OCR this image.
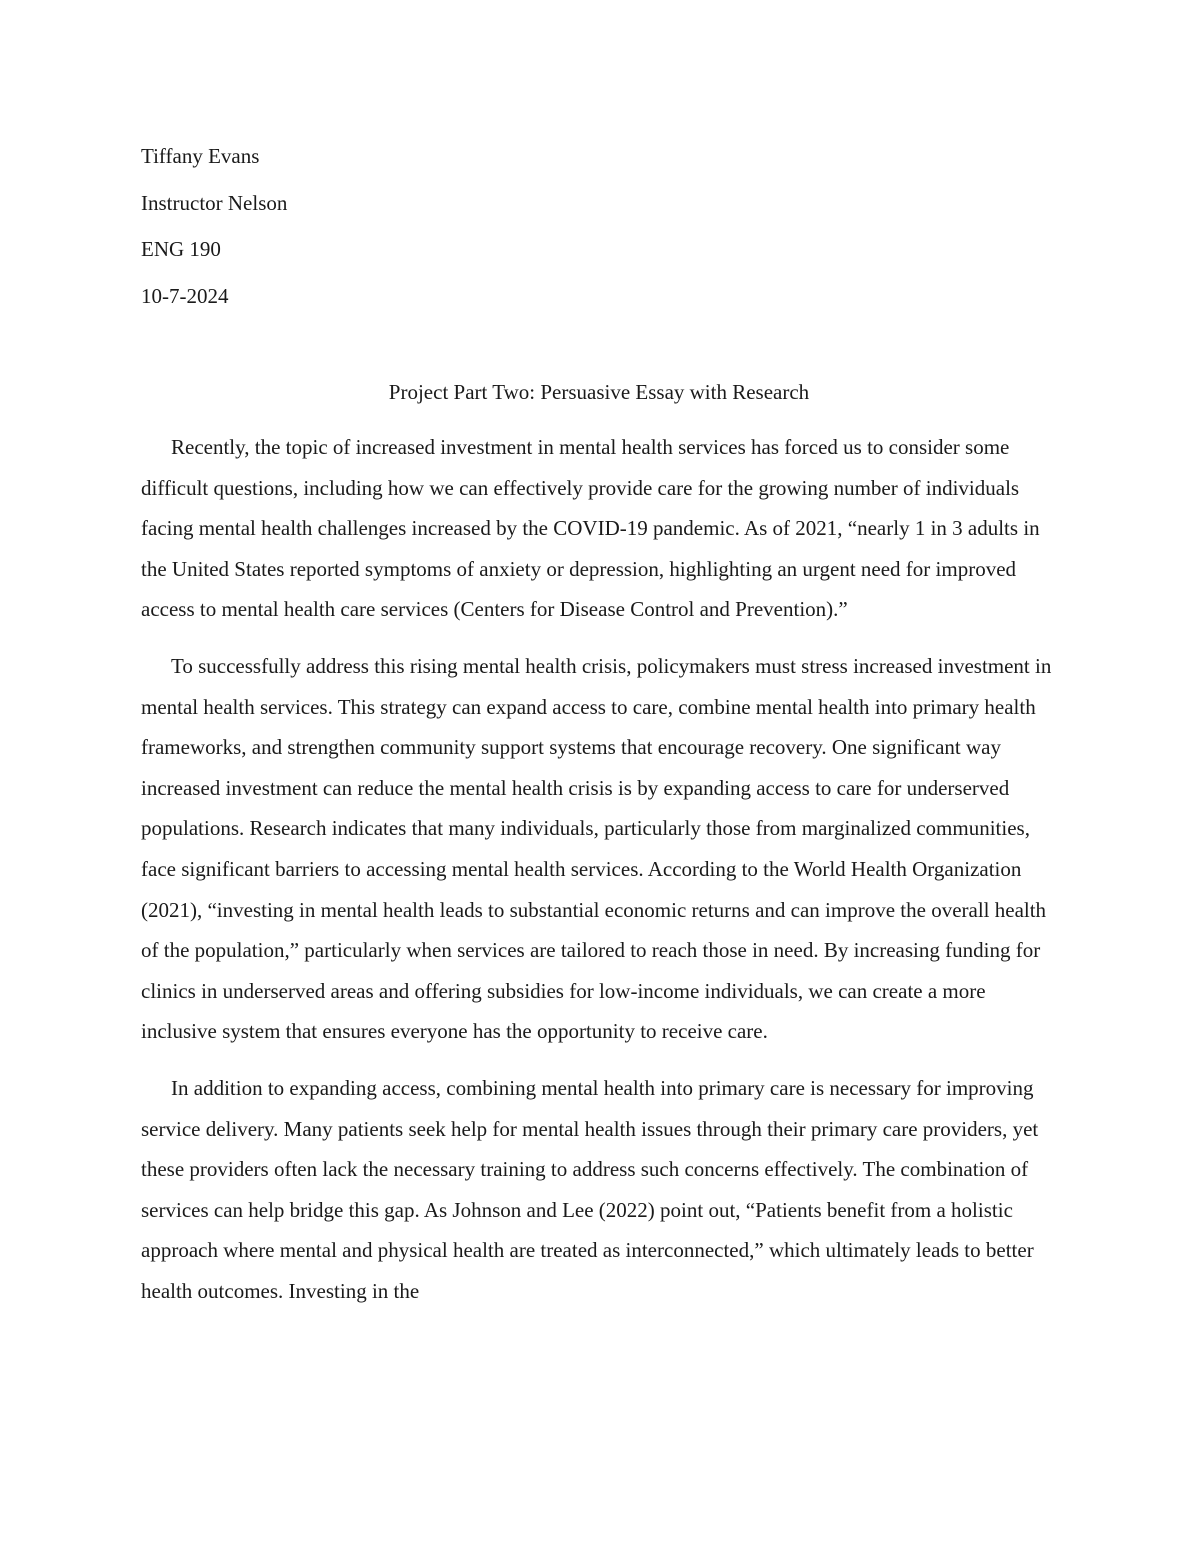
Tiffany Evans
Instructor Nelson
ENG 190
10-7-2024
Project Part Two: Persuasive Essay with Research

Recently, the topic of increased investment in mental health services has forced us to consider some difficult questions, including how we can effectively provide care for the growing number of individuals facing mental health challenges increased by the COVID-19 pandemic. As of 2021, “nearly 1 in 3 adults in the United States reported symptoms of anxiety or depression, highlighting an urgent need for improved access to mental health care services (Centers for Disease Control and Prevention).”

To successfully address this rising mental health crisis, policymakers must stress increased investment in mental health services. This strategy can expand access to care, combine mental health into primary health frameworks, and strengthen community support systems that encourage recovery. One significant way increased investment can reduce the mental health crisis is by expanding access to care for underserved populations. Research indicates that many individuals, particularly those from marginalized communities, face significant barriers to accessing mental health services. According to the World Health Organization (2021), “investing in mental health leads to substantial economic returns and can improve the overall health of the population,” particularly when services are tailored to reach those in need. By increasing funding for clinics in underserved areas and offering subsidies for low-income individuals, we can create a more inclusive system that ensures everyone has the opportunity to receive care.

In addition to expanding access, combining mental health into primary care is necessary for improving service delivery. Many patients seek help for mental health issues through their primary care providers, yet these providers often lack the necessary training to address such concerns effectively. The combination of services can help bridge this gap. As Johnson and Lee (2022) point out, “Patients benefit from a holistic approach where mental and physical health are treated as interconnected,” which ultimately leads to better health outcomes. Investing in the
